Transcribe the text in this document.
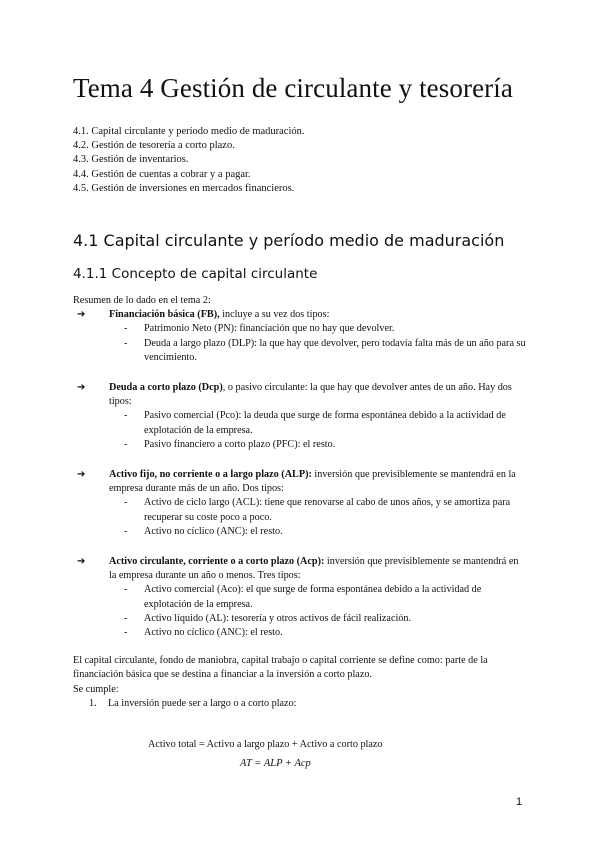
Tema 4 Gestión de circulante y tesorería
4.1. Capital circulante y período medio de maduración.
4.2. Gestión de tesorería a corto plazo.
4.3. Gestión de inventarios.
4.4. Gestión de cuentas a cobrar y a pagar.
4.5. Gestión de inversiones en mercados financieros.
4.1 Capital circulante y período medio de maduración
4.1.1 Concepto de capital circulante

Resumen de lo dado en el tema 2:

➔ Financiación básica (FB), incluye a su vez dos tipos:

- Patrimonio Neto (PN): financiación que no hay que devolver.
- Deuda a largo plazo (DLP): la que hay que devolver, pero todavía falta más de un año para su vencimiento.
➔ Deuda a corto plazo (Dcp), o pasivo circulante: la que hay que devolver antes de un año. Hay dos tipos:

- Pasivo comercial (Pco): la deuda que surge de forma espontánea debido a la actividad de explotación de la empresa.
- Pasivo financiero a corto plazo (PFC): el resto.
➔ Activo fijo, no corriente o a largo plazo (ALP): inversión que previsiblemente se mantendrá en la empresa durante más de un año. Dos tipos:

- Activo de ciclo largo (ACL): tiene que renovarse al cabo de unos años, y se amortiza para recuperar su coste poco a poco.
- Activo no cíclico (ANC): el resto.
➔ Activo circulante, corriente o a corto plazo (Acp): inversión que previsiblemente se mantendrá en la empresa durante un año o menos. Tres tipos:

- Activo comercial (Aco): el que surge de forma espontánea debido a la actividad de explotación de la empresa.
- Activo líquido (AL): tesorería y otros activos de fácil realización.
- Activo no cíclico (ANC): el resto.

El capital circulante, fondo de maniobra, capital trabajo o capital corriente se define como: parte de la financiación básica que se destina a financiar a la inversión a corto plazo.

Se cumple:

1. La inversión puede ser a largo o a corto plazo:
Activo total = Activo a largo plazo + Activo a corto plazo
AT = ALP + Acp
1
